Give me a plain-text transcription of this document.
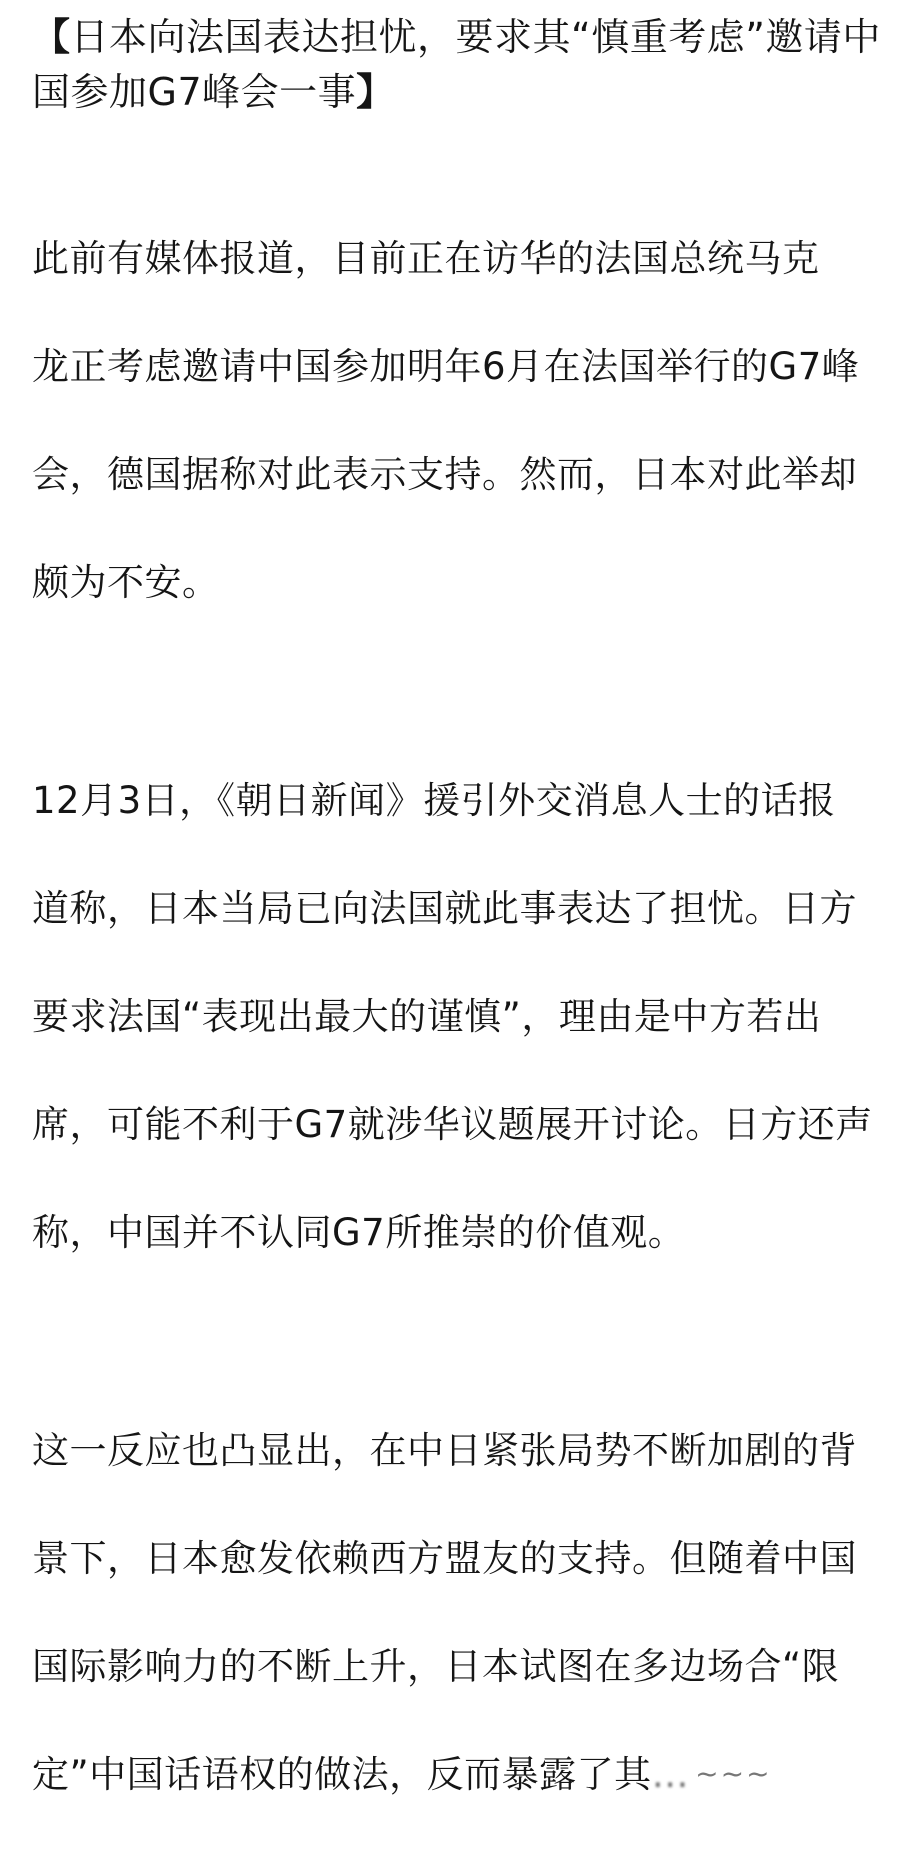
【日本向法国表达担忧，要求其“慎重考虑”邀请中
国参加G7峰会一事】

此前有媒体报道，目前正在访华的法国总统马克

龙正考虑邀请中国参加明年6月在法国举行的G7峰

会，德国据称对此表示支持。然而，日本对此举却

颇为不安。

12月3日，《朝日新闻》援引外交消息人士的话报

道称，日本当局已向法国就此事表达了担忧。日方

要求法国“表现出最大的谨慎”，理由是中方若出

席，可能不利于G7就涉华议题展开讨论。日方还声

称，中国并不认同G7所推崇的价值观。

这一反应也凸显出，在中日紧张局势不断加剧的背

景下，日本愈发依赖西方盟友的支持。但随着中国

国际影响力的不断上升，日本试图在多边场合“限

定”中国话语权的做法，反而暴露了其… ~~~
